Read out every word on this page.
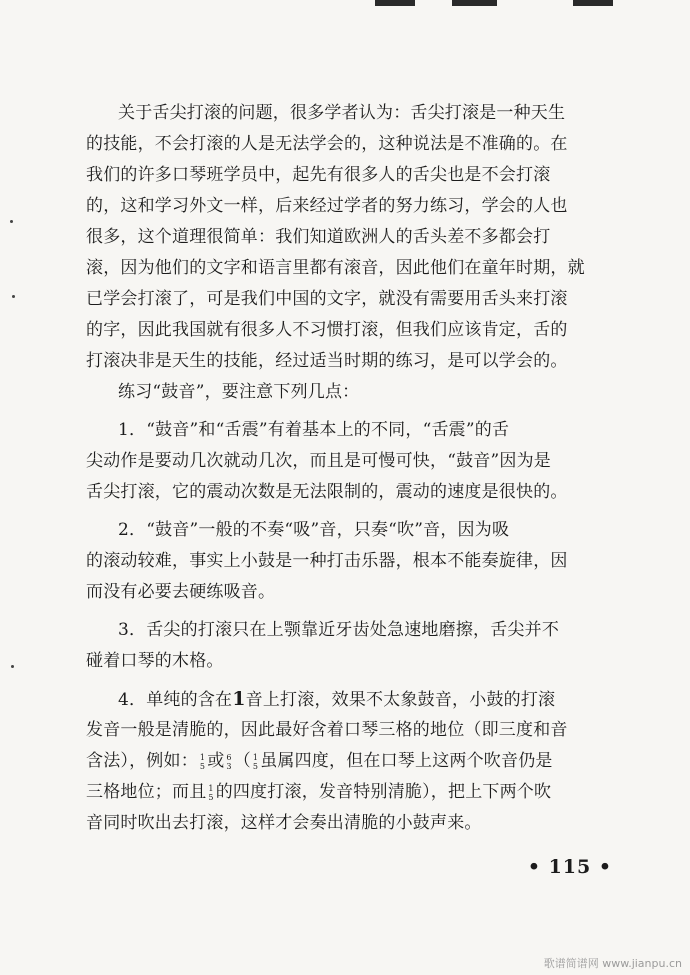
关于舌尖打滚的问题，很多学者认为：舌尖打滚是一种天生

的技能，不会打滚的人是无法学会的，这种说法是不准确的。在

我们的许多口琴班学员中，起先有很多人的舌尖也是不会打滚

的，这和学习外文一样，后来经过学者的努力练习，学会的人也

很多，这个道理很简单：我们知道欧洲人的舌头差不多都会打

滚，因为他们的文字和语言里都有滚音，因此他们在童年时期，就

已学会打滚了，可是我们中国的文字，就没有需要用舌头来打滚

的字，因此我国就有很多人不习惯打滚，但我们应该肯定，舌的

打滚决非是天生的技能，经过适当时期的练习，是可以学会的。

练习“鼓音”，要注意下列几点：

1．“鼓音”和“舌震”有着基本上的不同，“舌震”的舌

尖动作是要动几次就动几次，而且是可慢可快，“鼓音”因为是

舌尖打滚，它的震动次数是无法限制的，震动的速度是很快的。

2．“鼓音”一般的不奏“吸”音，只奏“吹”音，因为吸

的滚动较难，事实上小鼓是一种打击乐器，根本不能奏旋律，因

而没有必要去硬练吸音。

3．舌尖的打滚只在上颚靠近牙齿处急速地磨擦，舌尖并不

碰着口琴的木格。

4．单纯的含在1音上打滚，效果不太象鼓音，小鼓的打滚

发音一般是清脆的，因此最好含着口琴三格的地位（即三度和音

含法），例如： 1
5 或 6
3 （ 1
5 虽属四度，但在口琴上这两个吹音仍是

三格地位；而且 1
5 的四度打滚，发音特别清脆），把上下两个吹

音同时吹出去打滚，这样才会奏出清脆的小鼓声来。

• 115 •
歌谱简谱网 www.jianpu.cn
